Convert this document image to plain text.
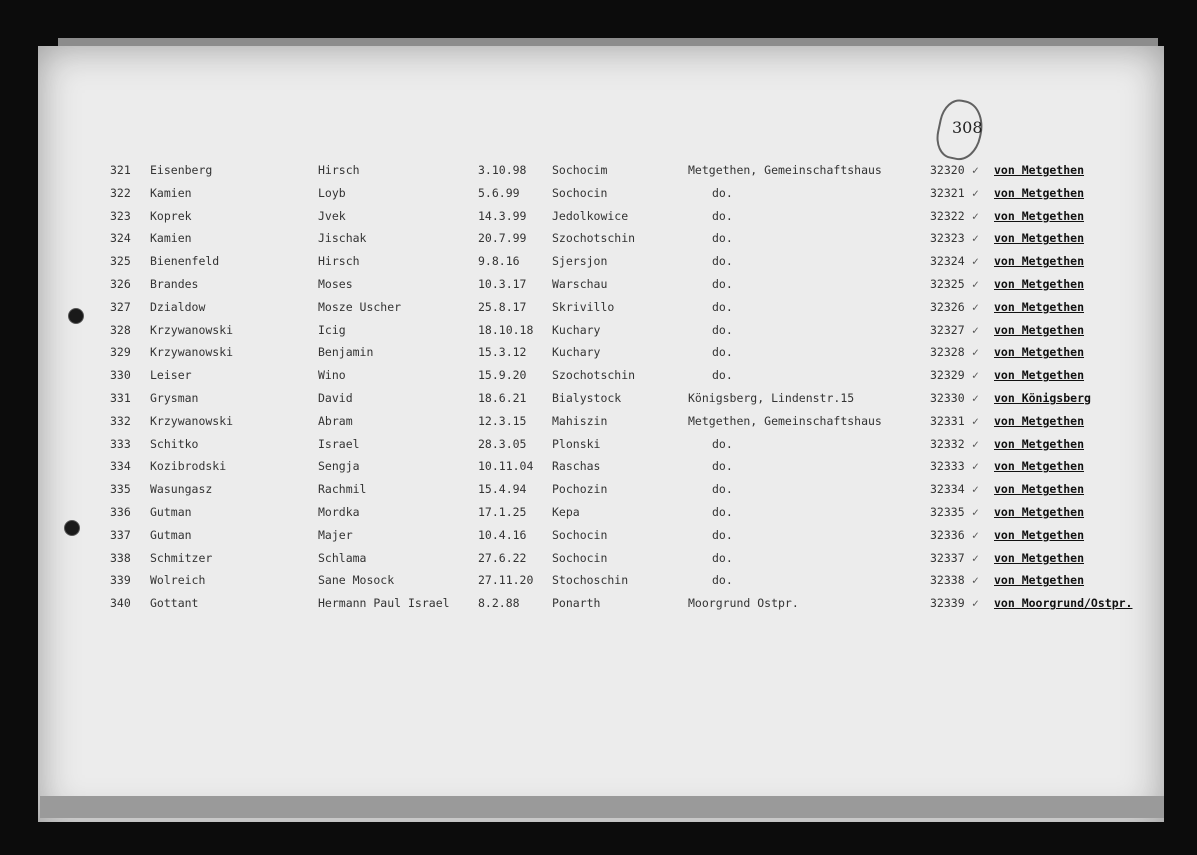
308
321 Eisenberg	Hirsch	3.10.98 Sochocim	Metgethen, Gemeinschaftshaus	32320 ✓ von Metgethen
322 Kamien	Loyb	5.6.99	Sochocin	do.	32321 ✓ von Metgethen
323 Koprek	Jvek	14.3.99 Jedolkowice	do.	32322 ✓ von Metgethen
324 Kamien	Jischak	20.7.99 Szochotschin	do.	32323 ✓ von Metgethen
325 Bienenfeld	Hirsch	9.8.16	Sjersjon	do.	32324 ✓ von Metgethen
326 Brandes	Moses	10.3.17 Warschau	do.	32325 ✓ von Metgethen
327 Dzialdow	Mosze Uscher	25.8.17 Skrivillo	do.	32326 ✓ von Metgethen
328 Krzywanowski	Icig	18.10.18 Kuchary	do.	32327 ✓ von Metgethen
329 Krzywanowski	Benjamin	15.3.12 Kuchary	do.	32328 ✓ von Metgethen
330 Leiser	Wino	15.9.20 Szochotschin	do.	32329 ✓ von Metgethen
331 Grysman	David	18.6.21 Bialystock	Königsberg, Lindenstr.15	32330 ✓ von Königsberg
332 Krzywanowski	Abram	12.3.15 Mahiszin	Metgethen, Gemeinschaftshaus	32331 ✓ von Metgethen
333 Schitko	Israel	28.3.05 Plonski	do.	32332 ✓ von Metgethen
334 Kozibrodski	Sengja	10.11.04 Raschas	do.	32333 ✓ von Metgethen
335 Wasungasz	Rachmil	15.4.94 Pochozin	do.	32334 ✓ von Metgethen
336 Gutman	Mordka	17.1.25 Kepa	do.	32335 ✓ von Metgethen
337 Gutman	Majer	10.4.16 Sochocin	do.	32336 ✓ von Metgethen
338 Schmitzer	Schlama	27.6.22 Sochocin	do.	32337 ✓ von Metgethen
339 Wolreich	Sane Mosock	27.11.20 Stochoschin	do.	32338 ✓ von Metgethen
340 Gottant	Hermann Paul Israel 8.2.88	Ponarth	Moorgrund Ostpr.	32339 ✓ von Moorgrund/Ostpr.
